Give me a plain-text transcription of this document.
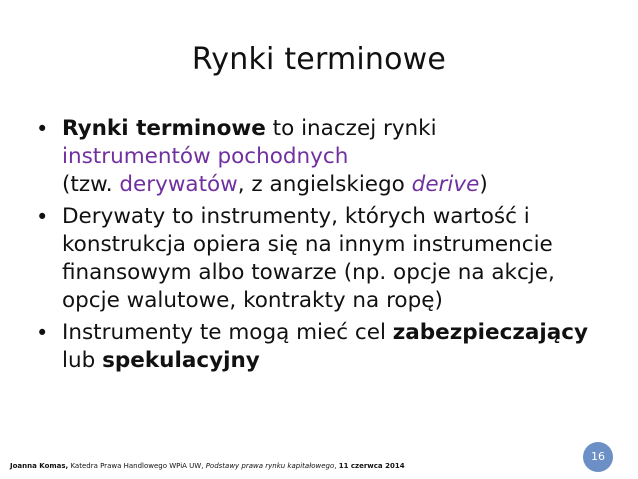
Rynki terminowe
• Rynki terminowe to inaczej rynki
instrumentów pochodnych
(tzw. derywatów, z angielskiego derive)
• Derywaty to instrumenty, których wartość i
konstrukcja opiera się na innym instrumencie
finansowym albo towarze (np. opcje na akcje,
opcje walutowe, kontrakty na ropę)
• Instrumenty te mogą mieć cel zabezpieczający
lub spekulacyjny
Joanna Komas, Katedra Prawa Handlowego WPiA UW, Podstawy prawa rynku kapitałowego, 11 czerwca 2014
16
